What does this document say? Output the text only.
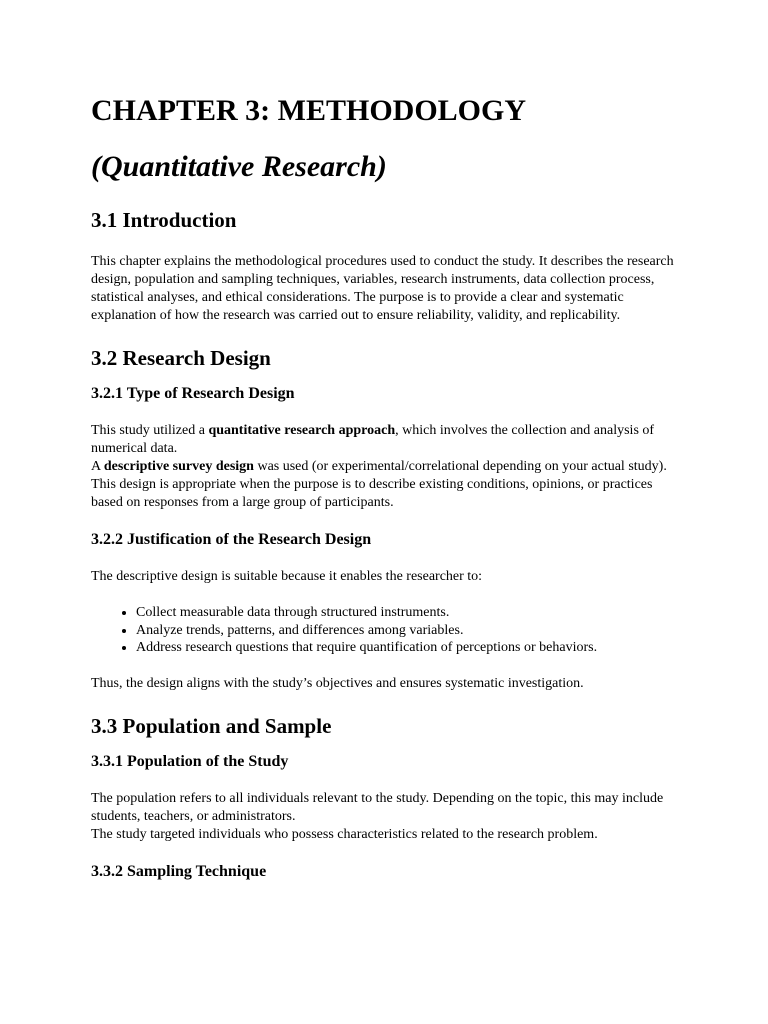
CHAPTER 3: METHODOLOGY
(Quantitative Research)
3.1 Introduction

This chapter explains the methodological procedures used to conduct the study. It describes the research design, population and sampling techniques, variables, research instruments, data collection process, statistical analyses, and ethical considerations. The purpose is to provide a clear and systematic explanation of how the research was carried out to ensure reliability, validity, and replicability.

3.2 Research Design
3.2.1 Type of Research Design

This study utilized a quantitative research approach, which involves the collection and analysis of numerical data.

A descriptive survey design was used (or experimental/correlational depending on your actual study).

This design is appropriate when the purpose is to describe existing conditions, opinions, or practices based on responses from a large group of participants.

3.2.2 Justification of the Research Design

The descriptive design is suitable because it enables the researcher to:

• Collect measurable data through structured instruments.
• Analyze trends, patterns, and differences among variables.
• Address research questions that require quantification of perceptions or behaviors.

Thus, the design aligns with the study’s objectives and ensures systematic investigation.

3.3 Population and Sample
3.3.1 Population of the Study

The population refers to all individuals relevant to the study. Depending on the topic, this may include students, teachers, or administrators.

The study targeted individuals who possess characteristics related to the research problem.

3.3.2 Sampling Technique
